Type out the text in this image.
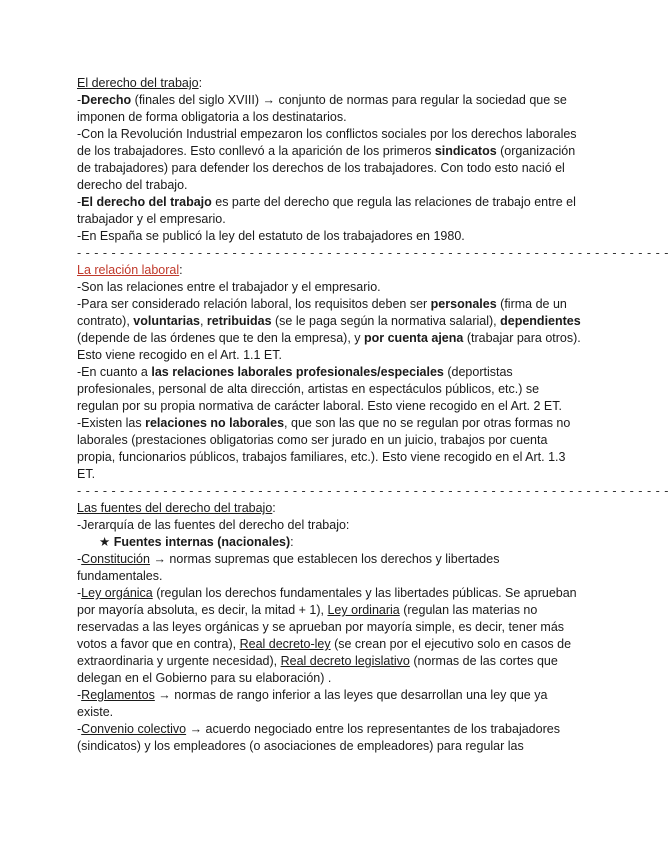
El derecho del trabajo:

-Derecho (finales del siglo XVIII) → conjunto de normas para regular la sociedad que se imponen de forma obligatoria a los destinatarios.

-Con la Revolución Industrial empezaron los conflictos sociales por los derechos laborales de los trabajadores. Esto conllevó a la aparición de los primeros sindicatos (organización de trabajadores) para defender los derechos de los trabajadores. Con todo esto nació el derecho del trabajo.

-El derecho del trabajo es parte del derecho que regula las relaciones de trabajo entre el trabajador y el empresario.

-En España se publicó la ley del estatuto de los trabajadores en 1980.

- - - - - - - - - - - - - - - - - - - - - - - - - - - - - - - - - - - - - - - - - - - - - - - - - - - - - - - - - - - - - - - - - - - - -

La relación laboral:

-Son las relaciones entre el trabajador y el empresario.

-Para ser considerado relación laboral, los requisitos deben ser personales (firma de un contrato), voluntarias, retribuidas (se le paga según la normativa salarial), dependientes (depende de las órdenes que te den la empresa), y por cuenta ajena (trabajar para otros). Esto viene recogido en el Art. 1.1 ET.

-En cuanto a las relaciones laborales profesionales/especiales (deportistas profesionales, personal de alta dirección, artistas en espectáculos públicos, etc.) se regulan por su propia normativa de carácter laboral. Esto viene recogido en el Art. 2 ET.

-Existen las relaciones no laborales, que son las que no se regulan por otras formas no laborales (prestaciones obligatorias como ser jurado en un juicio, trabajos por cuenta propia, funcionarios públicos, trabajos familiares, etc.). Esto viene recogido en el Art. 1.3 ET.

- - - - - - - - - - - - - - - - - - - - - - - - - - - - - - - - - - - - - - - - - - - - - - - - - - - - - - - - - - - - - - - - - - - - -

Las fuentes del derecho del trabajo:

-Jerarquía de las fuentes del derecho del trabajo:

★ Fuentes internas (nacionales):

-Constitución → normas supremas que establecen los derechos y libertades fundamentales.

-Ley orgánica (regulan los derechos fundamentales y las libertades públicas. Se aprueban por mayoría absoluta, es decir, la mitad + 1), Ley ordinaria (regulan las materias no reservadas a las leyes orgánicas y se aprueban por mayoría simple, es decir, tener más votos a favor que en contra), Real decreto-ley (se crean por el ejecutivo solo en casos de extraordinaria y urgente necesidad), Real decreto legislativo (normas de las cortes que delegan en el Gobierno para su elaboración) .

-Reglamentos → normas de rango inferior a las leyes que desarrollan una ley que ya existe.

-Convenio colectivo → acuerdo negociado entre los representantes de los trabajadores (sindicatos) y los empleadores (o asociaciones de empleadores) para regular las
